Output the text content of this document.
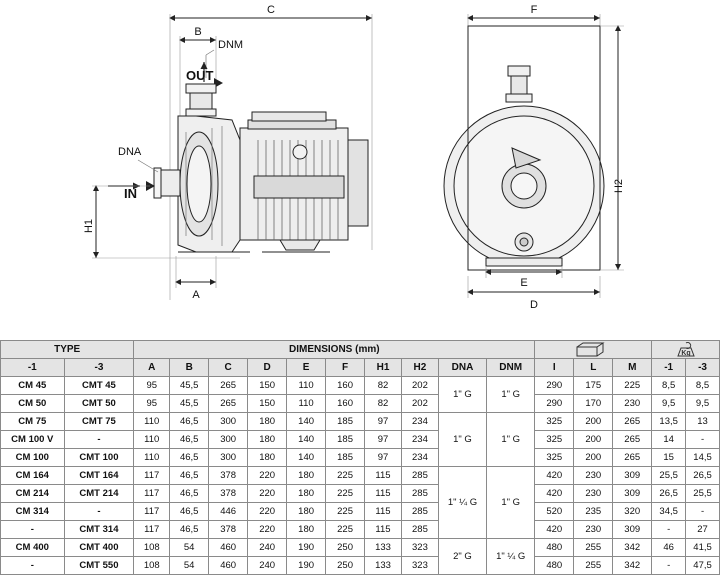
C
B
DNM
OUT
DNA
IN
H1
A
F
H2
E
D
TYPE		DIMENSIONS (mm)													Kg	

-1	-3	A	B	C	D	E	F	H1	H2	DNA	DNM	I	L	M	-1	-3
CM 45	CMT 45	95	45,5	265	150	110	160	82	202	1" G	1" G	290	175	225	8,5	8,5
CM 50	CMT 50	95	45,5	265	150	110	160	82	202			290	170	230	9,5	9,5
CM 75	CMT 75	110	46,5	300	180	140	185	97	234	1" G	1" G	325	200	265	13,5	13
CM 100 V	-	110	46,5	300	180	140	185	97	234			325	200	265	14	-
CM 100	CMT 100	110	46,5	300	180	140	185	97	234			325	200	265	15	14,5
CM 164	CMT 164	117	46,5	378	220	180	225	115	285	1" ¼ G	1" G	420	230	309	25,5	26,5
CM 214	CMT 214	117	46,5	378	220	180	225	115	285			420	230	309	26,5	25,5
CM 314	-	117	46,5	446	220	180	225	115	285			520	235	320	34,5	-
-	CMT 314	117	46,5	378	220	180	225	115	285			420	230	309	-	27
CM 400	CMT 400	108	54	460	240	190	250	133	323	2" G	1" ¼ G	480	255	342	46	41,5
-	CMT 550	108	54	460	240	190	250	133	323			480	255	342	-	47,5
